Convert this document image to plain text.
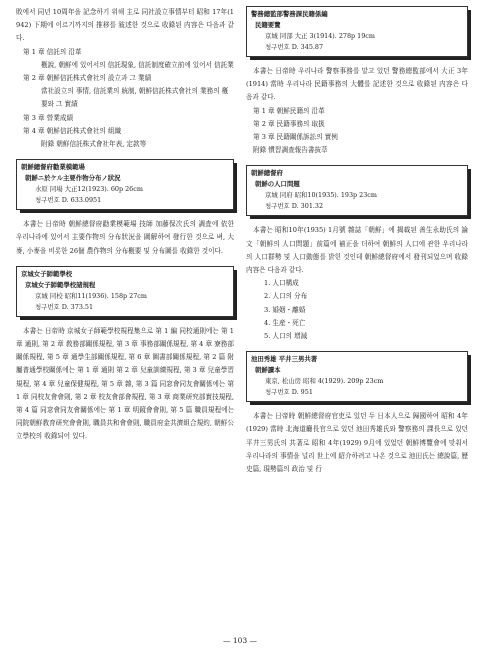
敗에서 同년 10周年을 記念하기 위해 主로 同社設立事情부터 昭和 17年(1942) 下期에 이르기까지의 推移를 敍述한 것으로 收錄된 内容은 다음과 같다.

第 1 章 信託의 沿革
槪說, 朝鮮에 있어서의 信託現象, 信託制度確立前에 있어서 信託業
第 2 章 朝鮮信託株式會社의 設立과 그 業績
當社設立의 事情, 信託業의 統制, 朝鮮信託株式會社의 業務의 槪要와 그 實績
第 3 章 營業成績
第 4 章 朝鮮信託株式會社의 組織
附錄 朝鮮信託株式會社年表, 定款等
朝鮮總督府勸業模範場
朝鮮ニ於ケル主要作物分布ノ狀況
水原 同場 大正12(1923). 60p 26cm
청구번호 D. 633.0951

本書는 日帝時 朝鮮總督府勸業模範場 技師 加藤保次氏의 調査에 依한 우리나라에 있어서 主要作物의 分布狀況을 圖解하여 發行한 것으로 벼, 大麥, 小麥을 비롯한 26個 農作物의 分布槪要 및 分布圖를 收錄한 것이다.

京城女子師範學校
京城女子師範學校諸規程
京城 同校 昭和11(1936). 158p 27cm
청구번호 D. 373.51

本書는 日帝時 京城女子師範學校規程集으로 第 1 編 同校通則에는 第 1 章 通則, 第 2 章 敎務部關係規程, 第 3 章 事務部關係規程, 第 4 章 寮務部關係規程, 第 5 章 通學生部關係規程, 第 6 章 圖書部關係規程, 第 2 篇 附屬普通學校關係에는 第 1 章 通則 第 2 章 兒童訓練規程, 第 3 章 兒童學習規程, 第 4 章 兒童保健規程, 第 5 章 雜, 第 3 篇 同窓會同友會關係에는 第 1 章 同校友會會則, 第 2 章 校友會部會規程, 第 3 章 商業研究部實技規程, 第 4 篇 同窓會同友會關係에는 第 1 章 明鏡會會則, 第 5 篇 職員規程에는 同院朝鮮敎育研究會會則, 職員共和會會則, 職員府金共濟組合規約, 朝鮮公立學校의 收錄되어 있다.

警務總監部警務課民籍係編
民籍要覽
京城 同部 大正 3(1914). 278p 19cm
청구번호 D. 345.87

本書는 日帝時 우리나라 警察事務를 맡고 있던 警務總監部에서 大正 3年(1914) 當時 우리나라 民籍事務의 大體를 記述한 것으로 收錄된 内容은 다음과 같다.

第 1 章 朝鮮民籍의 沿革
第 2 章 民籍事務의 取扱
第 3 章 民籍關係訴訟의 實例
附錄 慣習調查報告書抜萃
朝鮮總督府
朝鮮の人口問題
京城 同府 昭和10(1935). 193p 23cm
청구번호 D. 301.32

本書는 昭和10年(1935) 1月號 雜誌「朝鮮」에 揭載된 善生永助氏의 論文「朝鮮의 人口問題」前篇에 補正을 더하여 朝鮮의 人口에 관한 우리나라의 人口群勢 및 人口動態를 밝힌 것인데 朝鮮總督府에서 發刊되었으며 收錄内容은 다음과 같다.

1. 人口構成
2. 人口의 分布
3. 婚姻・離婚
4. 生産・死亡
5. 人口의 增減
池田秀雄 平井三男共著
朝鮮讀本
東京, 松山房 昭和 4(1929). 209p 23cm
청구번호 D. 951

本書는 日帝時 朝鮮總督府官吏로 있던 두 日本人으로 歸國하여 昭和 4年(1929) 當時 北海道廳長官으로 있던 池田秀雄氏와 警察務의 課長으로 있던 平井三男氏의 共著로 昭和 4年(1929) 9月에 있었던 朝鮮博覽會에 맞춰서 우리나라의 事情을 널리 世上에 紹介하려고 나온 것으로 池田氏는 總說篇, 歷史篇, 現勢篇의 政治 및 行

— 103 —
